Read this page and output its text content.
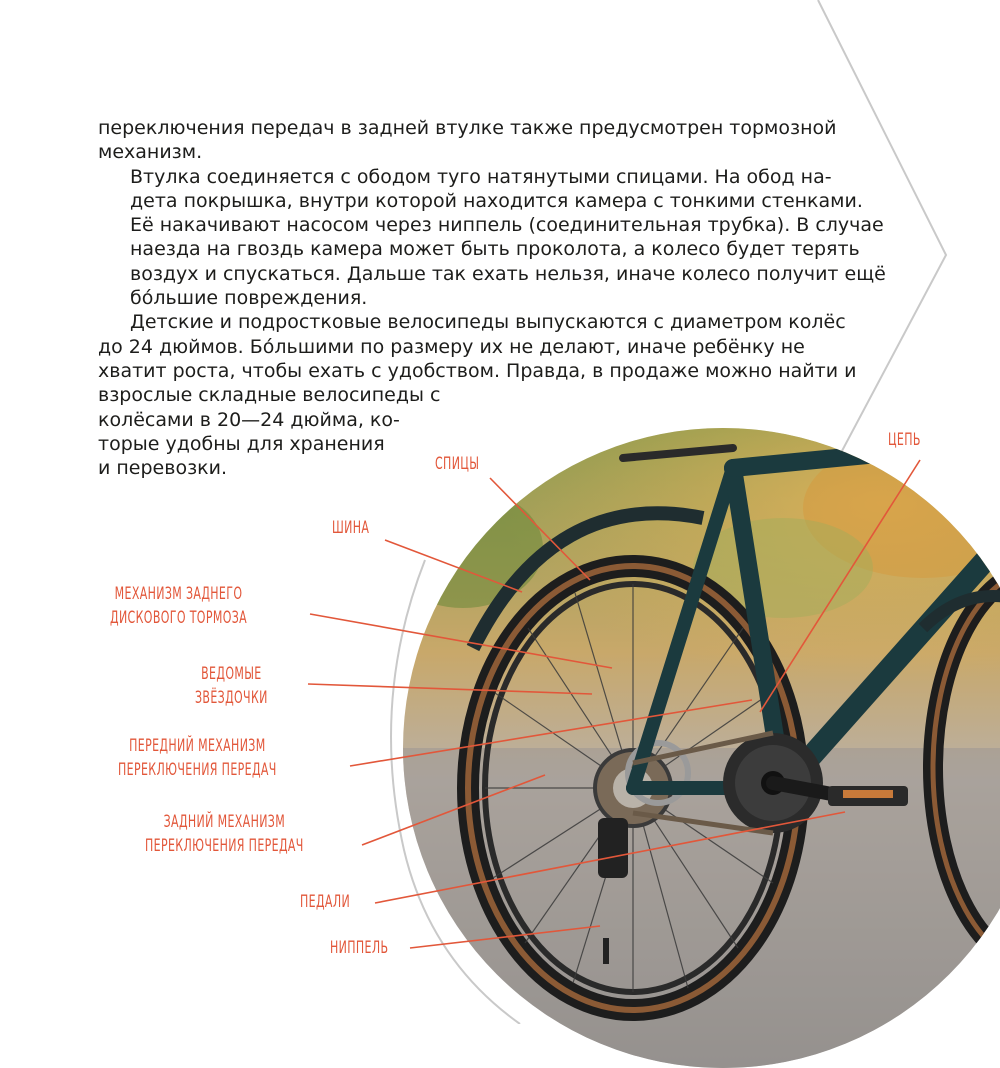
переключения передач в задней втулке также предусмотрен тормозной
механизм.

Втулка соединяется с ободом туго натянутыми спицами. На обод на-
дета покрышка, внутри которой находится камера с тонкими стенками.
Её накачивают насосом через ниппель (соединительная трубка). В случае
наезда на гвоздь камера может быть проколота, а колесо будет терять
воздух и спускаться. Дальше так ехать нельзя, иначе колесо получит ещё
бо́льшие повреждения.

Детские и подростковые велосипеды выпускаются с диаметром колёс
до 24 дюймов. Бо́льшими по размеру их не делают, иначе ребёнку не
хватит роста, чтобы ехать с удобством. Правда, в продаже можно найти и
взрослые складные велосипеды с
колёсами в 20—24 дюйма, ко-
торые удобны для хранения
и перевозки.	СПИЦЫ
ЦЕПЬ
ШИНА
МЕХАНИЗМ ЗАДНЕГО
ДИСКОВОГО ТОРМОЗА
ВЕДОМЫЕ
ЗВЁЗДОЧКИ
ПЕРЕДНИЙ МЕХАНИЗМ
ПЕРЕКЛЮЧЕНИЯ ПЕРЕДАЧ
ЗАДНИЙ МЕХАНИЗМ
ПЕРЕКЛЮЧЕНИЯ ПЕРЕДАЧ
ПЕДАЛИ
НИППЕЛЬ
